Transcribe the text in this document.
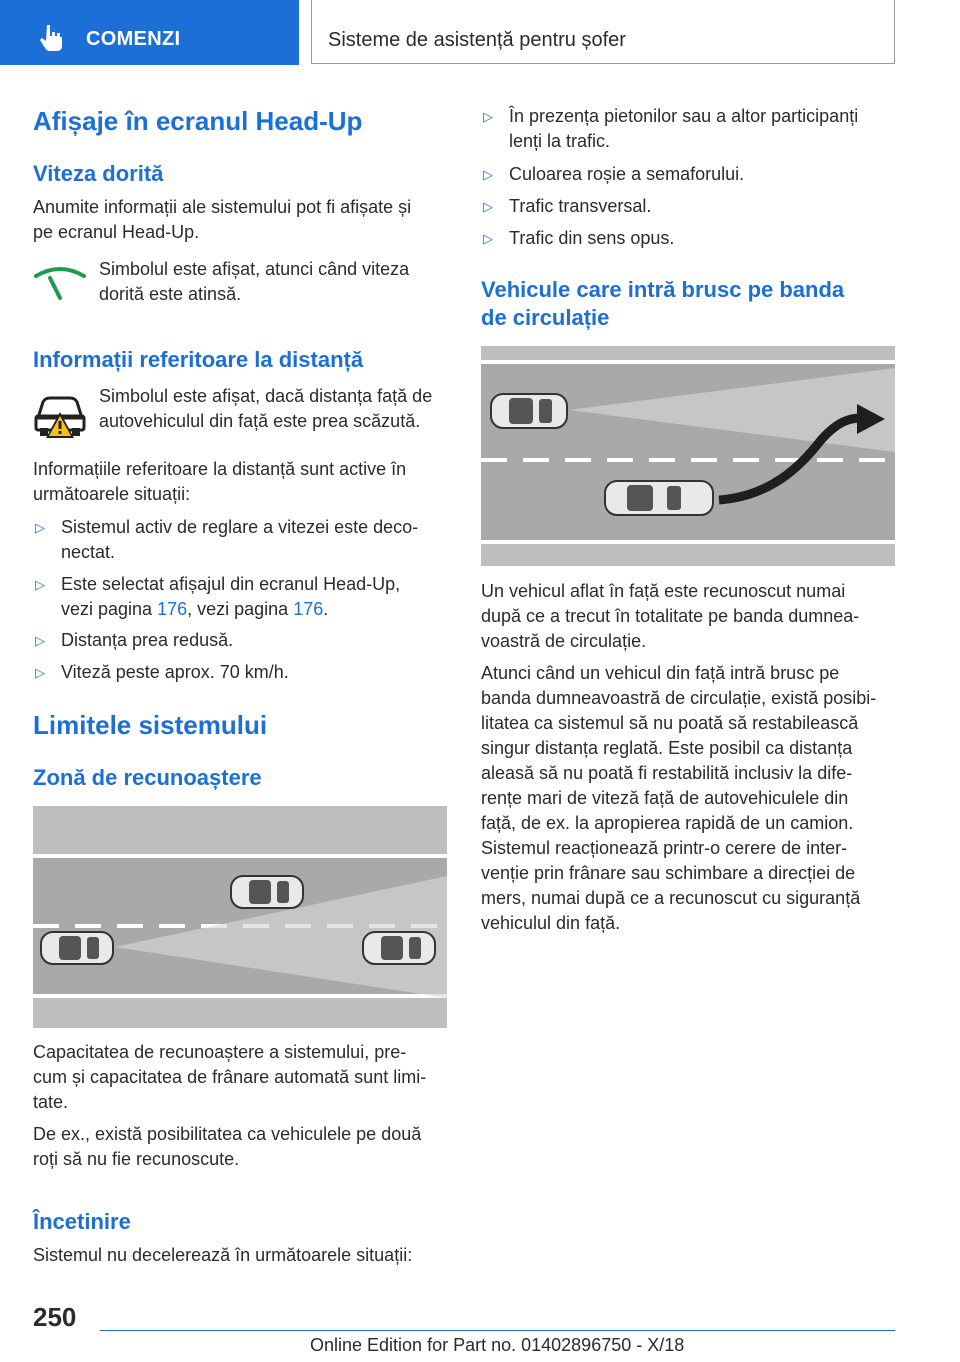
COMENZI	Sisteme de asistență pentru șofer
Afișaje în ecranul Head-Up
Viteza dorită
Anumite informații ale sistemului pot fi afișate și
pe ecranul Head-Up.
Simbolul este afișat, atunci când viteza
dorită este atinsă.
Informații referitoare la distanță
Simbolul este afișat, dacă distanța față de
autovehiculul din față este prea scăzută.
Informațiile referitoare la distanță sunt active în
următoarele situații:
▷ Sistemul activ de reglare a vitezei este deco-
nectat.
▷ Este selectat afișajul din ecranul Head-Up,
vezi pagina 176, vezi pagina 176.
▷ Distanța prea redusă.
▷ Viteză peste aprox. 70 km/h.
Limitele sistemului
Zonă de recunoaștere
Capacitatea de recunoaștere a sistemului, pre-
cum și capacitatea de frânare automată sunt limi-
tate.
De ex., există posibilitatea ca vehiculele pe două
roți să nu fie recunoscute.
Încetinire
Sistemul nu decelerează în următoarele situații:
▷ În prezența pietonilor sau a altor participanți
lenți la trafic.
▷ Culoarea roșie a semaforului.
▷ Trafic transversal.
▷ Trafic din sens opus.
Vehicule care intră brusc pe banda
de circulație
Un vehicul aflat în față este recunoscut numai
după ce a trecut în totalitate pe banda dumnea-
voastră de circulație.
Atunci când un vehicul din față intră brusc pe
banda dumneavoastră de circulație, există posibi-
litatea ca sistemul să nu poată să restabilească
singur distanța reglată. Este posibil ca distanța
aleasă să nu poată fi restabilită inclusiv la dife-
rențe mari de viteză față de autovehiculele din
față, de ex. la apropierea rapidă de un camion.
Sistemul reacționează printr-o cerere de inter-
venție prin frânare sau schimbare a direcției de
mers, numai după ce a recunoscut cu siguranță
vehiculul din față.
250
Online Edition for Part no. 01402896750 - X/18
